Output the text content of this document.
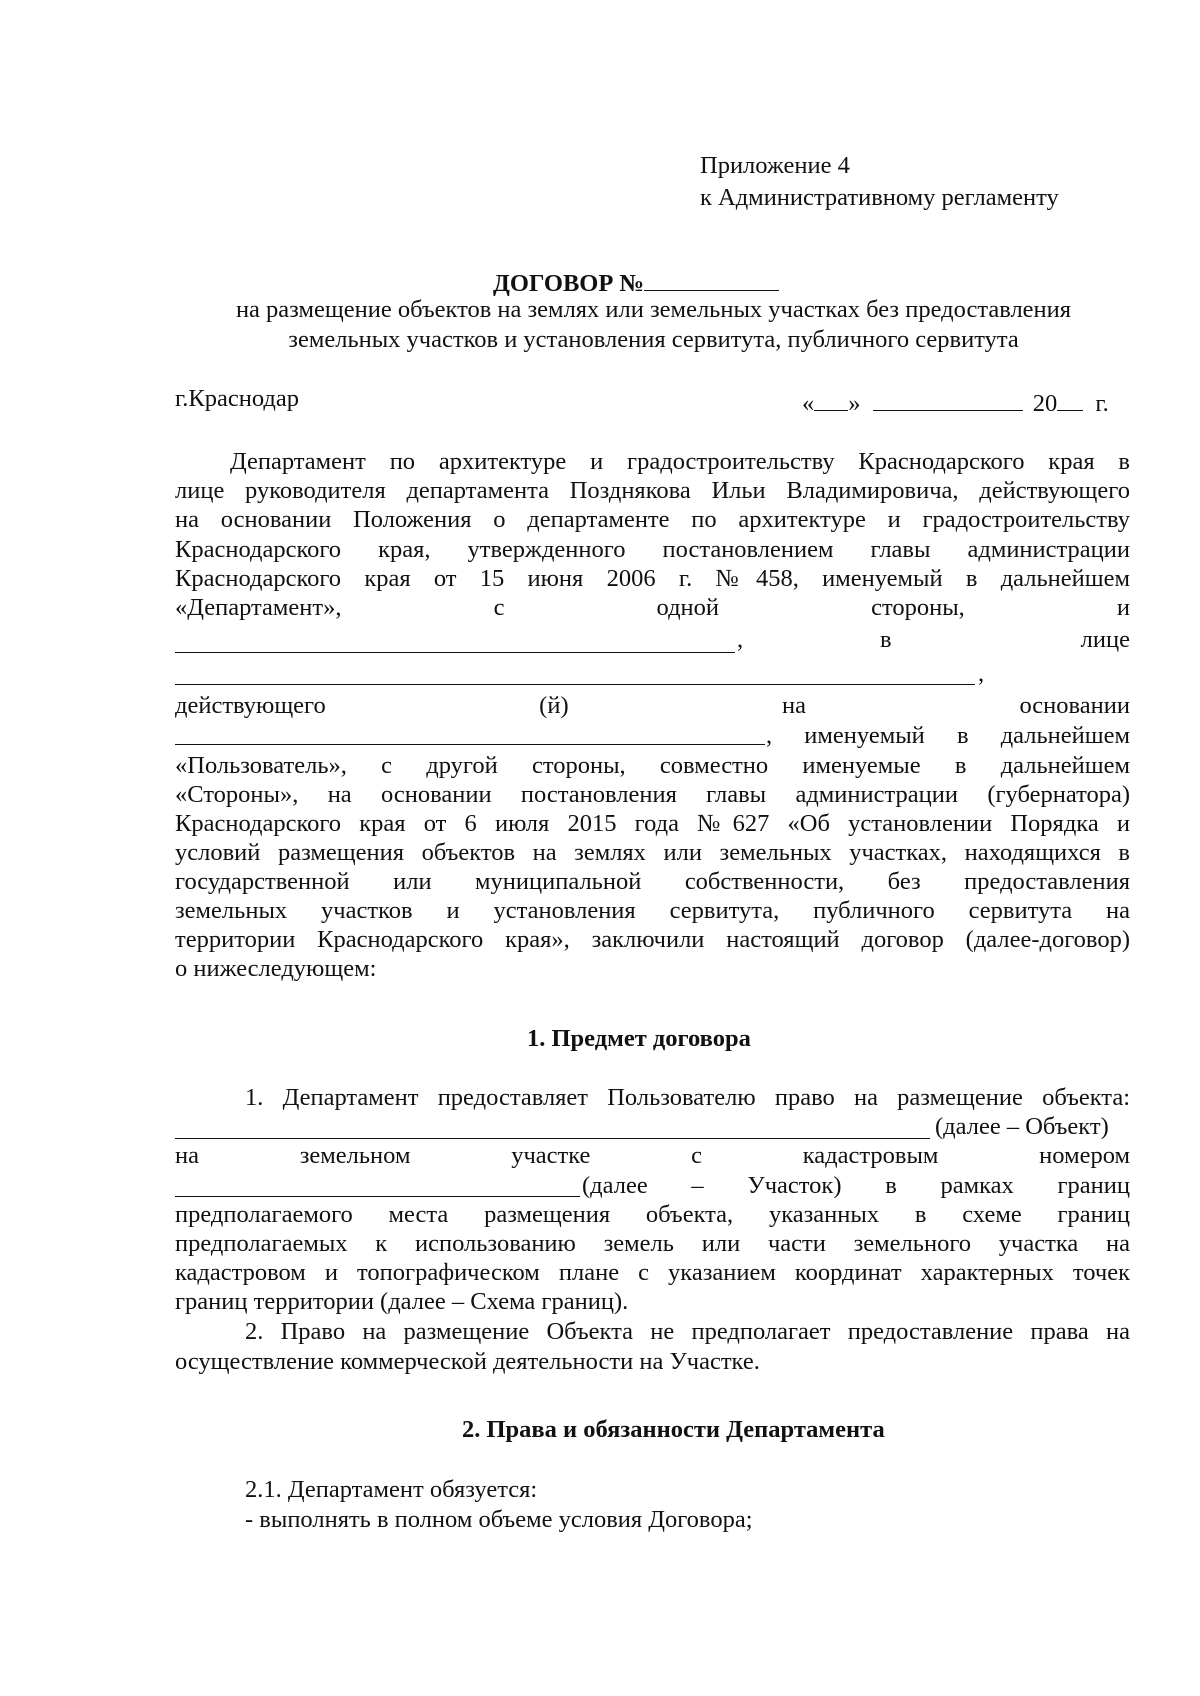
Приложение 4
к Административному регламенту
ДОГОВОР №
на размещение объектов на землях или земельных участках без предоставления
земельных участков и установления сервитута, публичного сервитута
г.Краснодар	« »	20 г.
Департамент по архитектуре и градостроительству Краснодарского края в
лице руководителя департамента Позднякова Ильи Владимировича, действующего
на основании Положения о департаменте по архитектуре и градостроительству
Краснодарского края, утвержденного постановлением главы администрации
Краснодарского края от 15 июня 2006 г. №458, именуемый в дальнейшем
«Департамент», с одной стороны, и
,	в лице
,
действующего (й) на основании
, именуемый в дальнейшем
«Пользователь», с другой стороны, совместно именуемые в дальнейшем
«Стороны», на основании постановления главы администрации (губернатора)
Краснодарского края от 6 июля 2015 года №627 «Об установлении Порядка и
условий размещения объектов на землях или земельных участках, находящихся в
государственной или муниципальной собственности, без предоставления
земельных участков и установления сервитута, публичного сервитута на
территории Краснодарского края», заключили настоящий договор (далее-договор)
о нижеследующем:
1. Предмет договора
1. Департамент предоставляет Пользователю право на размещение объекта:
(далее – Объект)
на земельном участке с кадастровым номером
(далее – Участок) в рамках границ
предполагаемого места размещения объекта, указанных в схеме границ
предполагаемых к использованию земель или части земельного участка на
кадастровом и топографическом плане с указанием координат характерных точек
границ территории (далее – Схема границ).
2. Право на размещение Объекта не предполагает предоставление права на
осуществление коммерческой деятельности на Участке.
2. Права и обязанности Департамента
2.1. Департамент обязуется:
- выполнять в полном объеме условия Договора;
